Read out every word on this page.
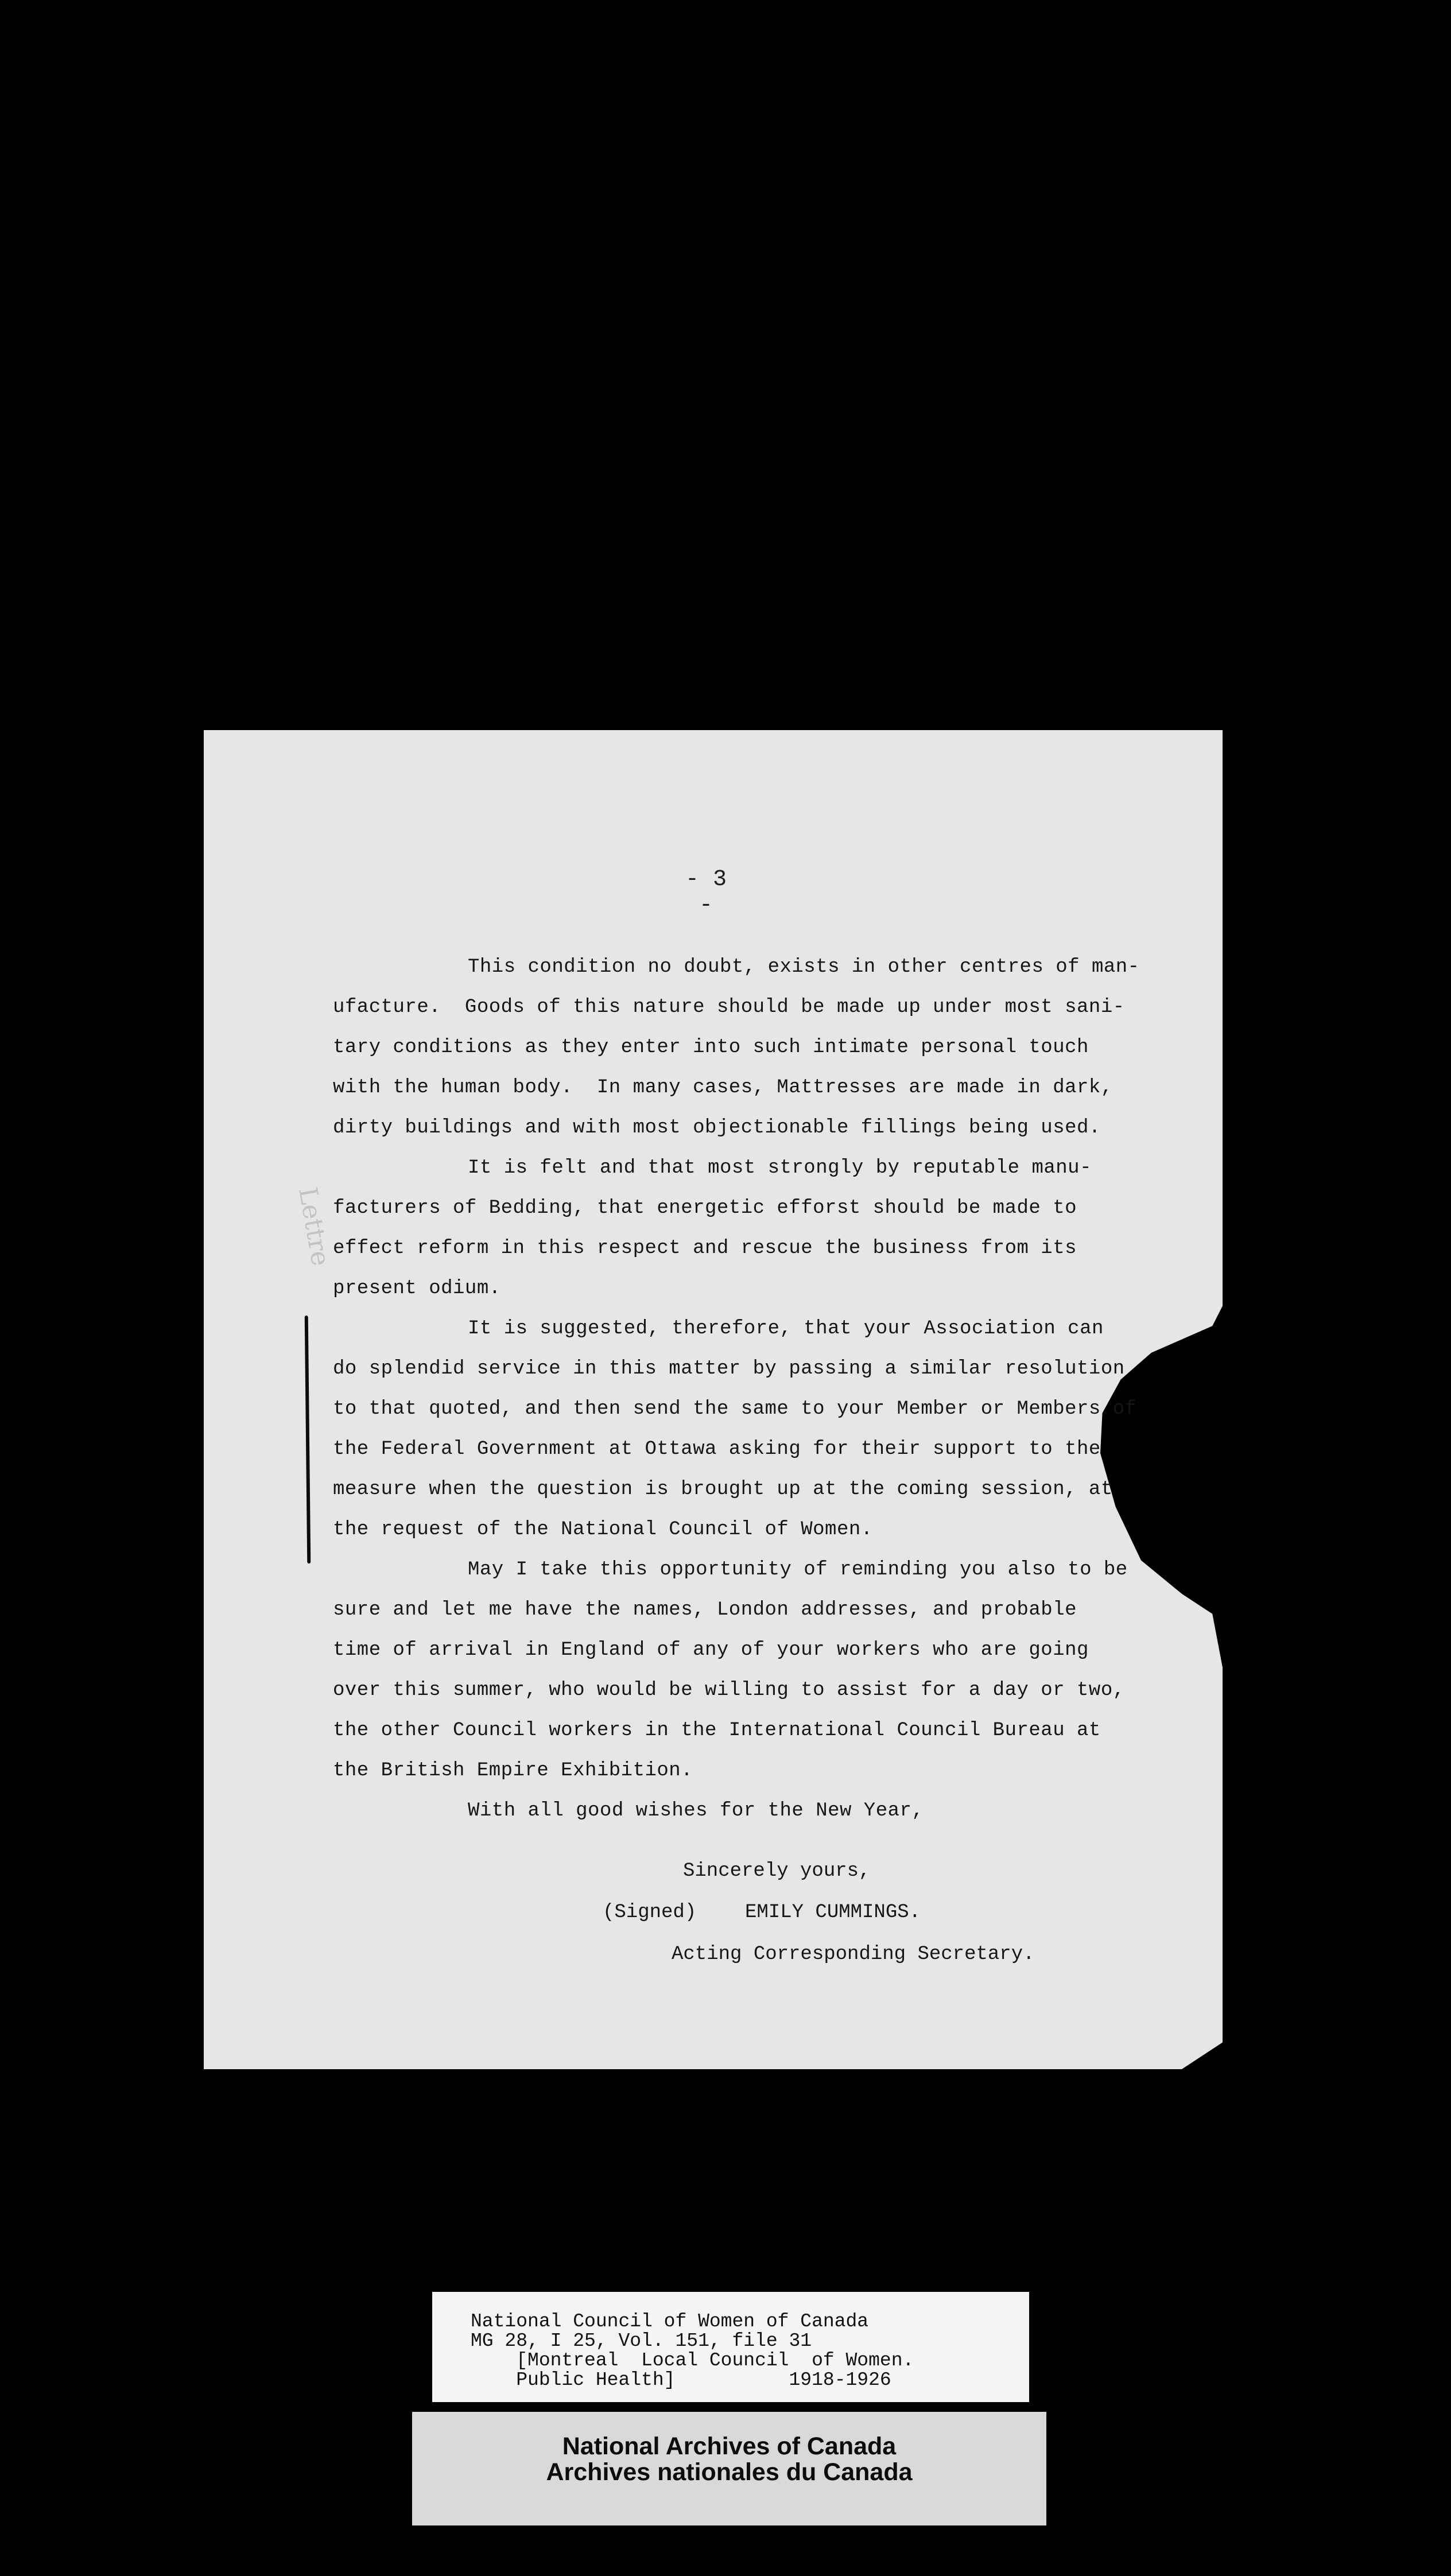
Lettre
- 3 -

This condition no doubt, exists in other centres of man-
ufacture.  Goods of this nature should be made up under most sani-
tary conditions as they enter into such intimate personal touch
with the human body.  In many cases, Mattresses are made in dark,
dirty buildings and with most objectionable fillings being used.

It is felt and that most strongly by reputable manu-
facturers of Bedding, that energetic efforst should be made to
effect reform in this respect and rescue the business from its
present odium.

It is suggested, therefore, that your Association can
do splendid service in this matter by passing a similar resolution
to that quoted, and then send the same to your Member or Members of
the Federal Government at Ottawa asking for their support to the
measure when the question is brought up at the coming session, at
the request of the National Council of Women.

May I take this opportunity of reminding you also to be
sure and let me have the names, London addresses, and probable
time of arrival in England of any of your workers who are going
over this summer, who would be willing to assist for a day or two,
the other Council workers in the International Council Bureau at
the British Empire Exhibition.

With all good wishes for the New Year,

Sincerely yours,
(Signed) EMILY CUMMINGS.
Acting Corresponding Secretary.
National Council of Women of Canada
MG 28, I 25, Vol. 151, file 31
[Montreal  Local Council  of Women.
Public Health]          1918-1926
National Archives of Canada
Archives nationales du Canada
